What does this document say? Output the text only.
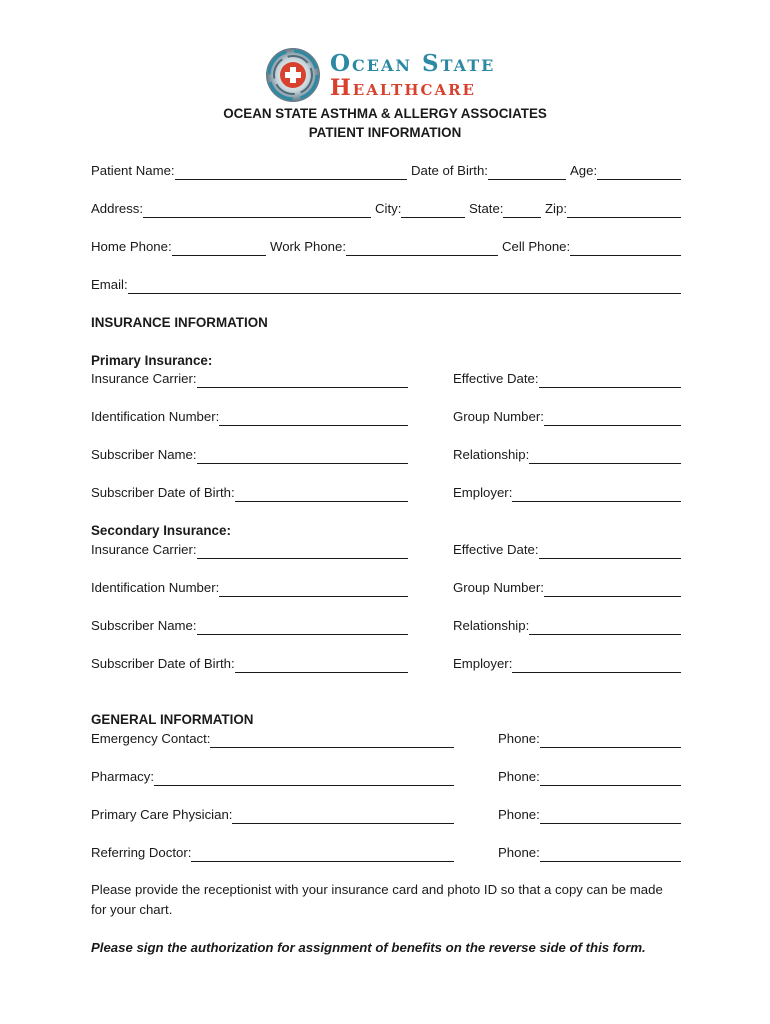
Ocean State
Healthcare
OCEAN STATE ASTHMA & ALLERGY ASSOCIATES
PATIENT INFORMATION
Patient Name:	Date of Birth:	Age:
Address:	City:	State:	Zip:
Home Phone:	Work Phone:	Cell Phone:
Email:
INSURANCE INFORMATION
Primary Insurance:
Insurance Carrier:	Effective Date:
Identification Number:	Group Number:
Subscriber Name:	Relationship:
Subscriber Date of Birth:	Employer:
Secondary Insurance:
Insurance Carrier:	Effective Date:
Identification Number:	Group Number:
Subscriber Name:	Relationship:
Subscriber Date of Birth:	Employer:
GENERAL INFORMATION
Emergency Contact:	Phone:
Pharmacy:	Phone:
Primary Care Physician:	Phone:
Referring Doctor:	Phone:
Please provide the receptionist with your insurance card and photo ID so that a copy can be made for your chart.
Please sign the authorization for assignment of benefits on the reverse side of this form.
